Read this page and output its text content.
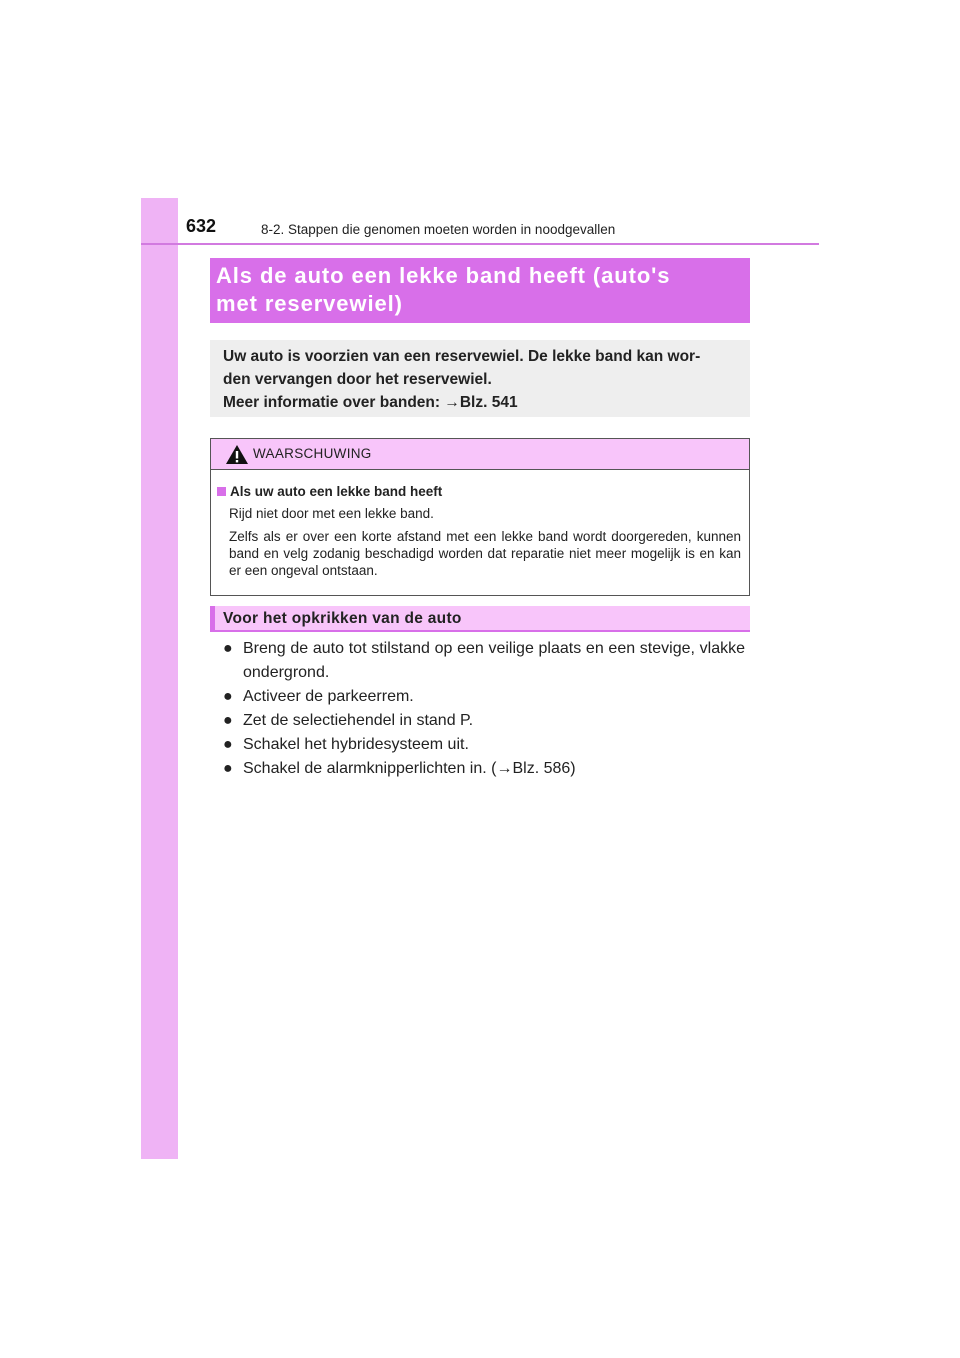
632	8-2. Stappen die genomen moeten worden in noodgevallen
Als de auto een lekke band heeft (auto's
met reservewiel)
Uw auto is voorzien van een reservewiel. De lekke band kan wor-
den vervangen door het reservewiel.
Meer informatie over banden: →Blz. 541
WAARSCHUWING
Als uw auto een lekke band heeft
Rijd niet door met een lekke band.
Zelfs als er over een korte afstand met een lekke band wordt doorgereden, kunnen band en velg zodanig beschadigd worden dat reparatie niet meer mogelijk is en kan er een ongeval ontstaan.
Voor het opkrikken van de auto
● Breng de auto tot stilstand op een veilige plaats en een stevige, vlakke ondergrond.
● Activeer de parkeerrem.
● Zet de selectiehendel in stand P.
● Schakel het hybridesysteem uit.
● Schakel de alarmknipperlichten in. (→Blz. 586)
